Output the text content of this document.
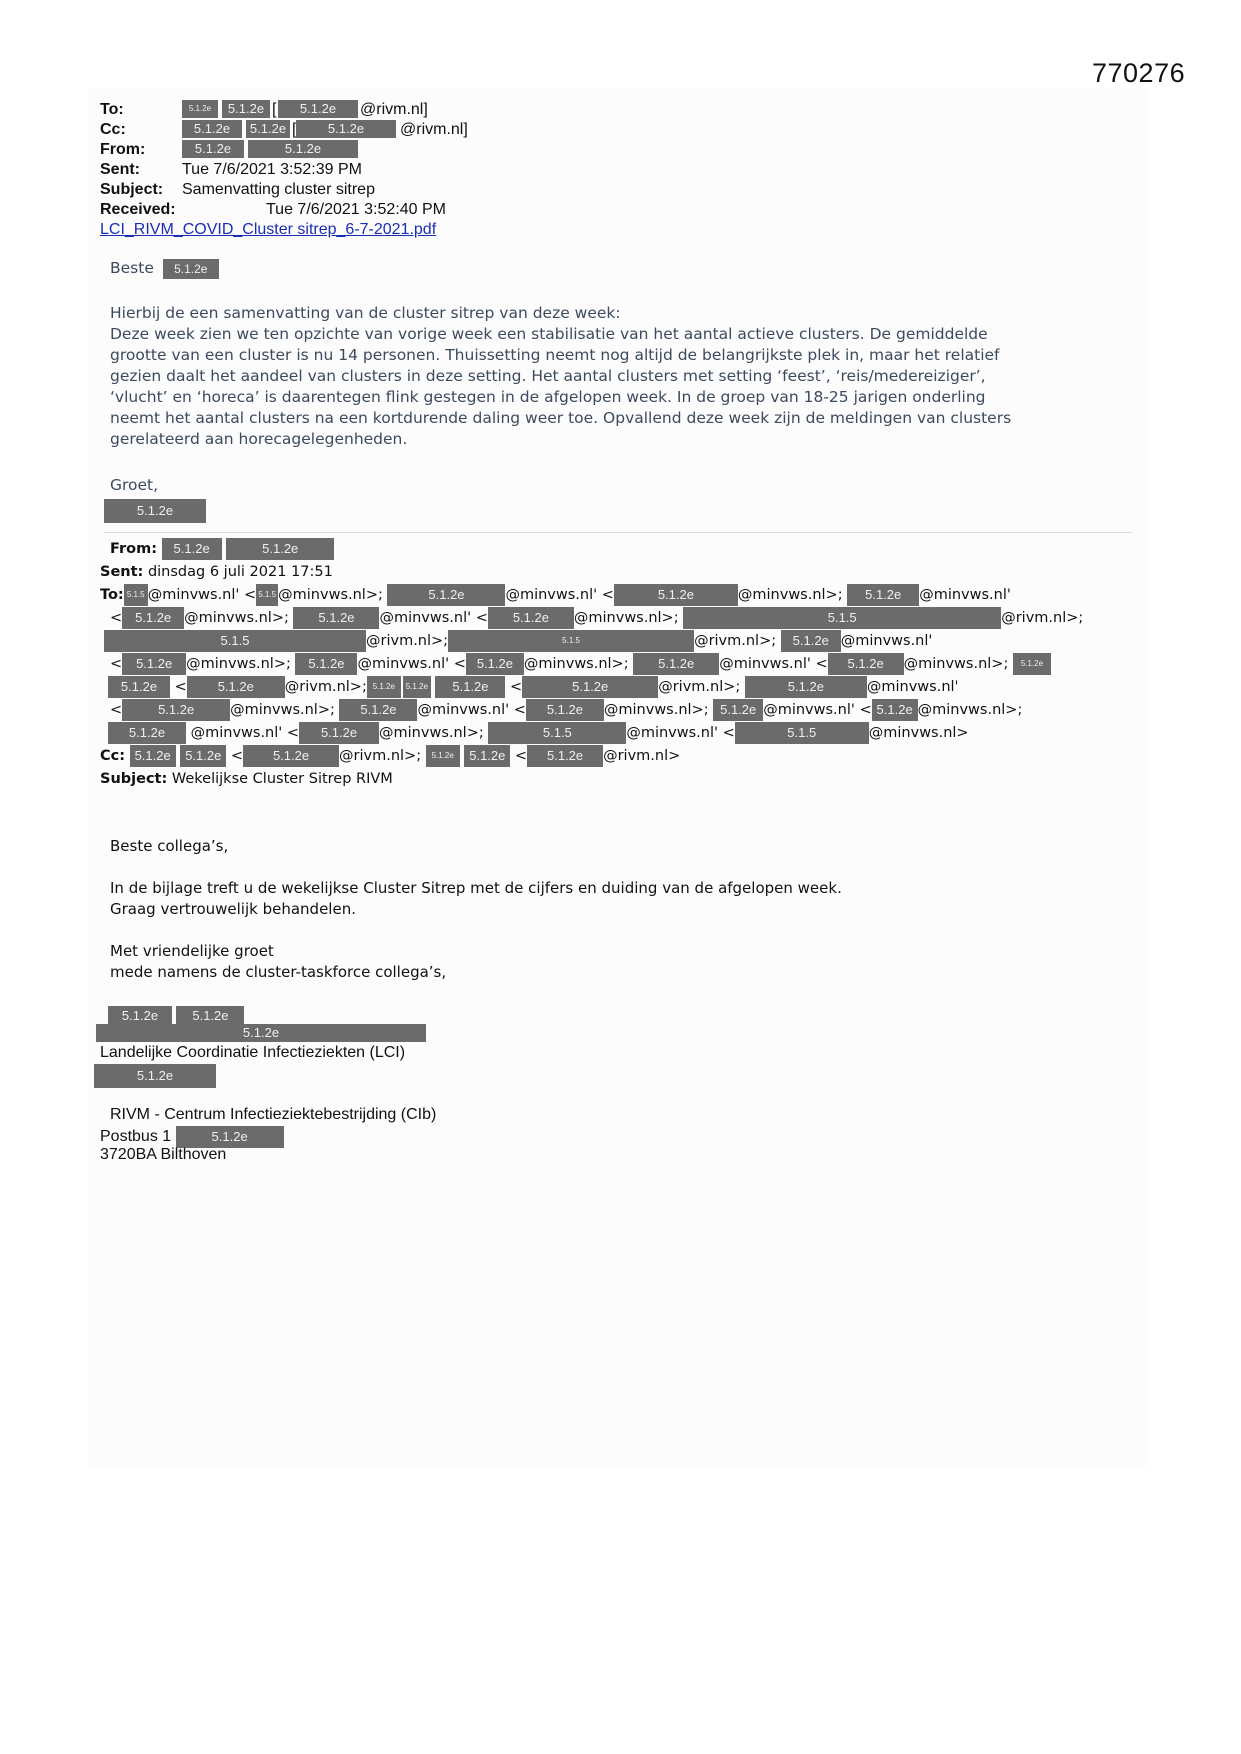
770276
To:	5.1.2e	5.1.2e [	5.1.2e	@rivm.nl]
Cc:	5.1.2e	5.1.2e [	5.1.2e	@rivm.nl]
From:	5.1.2e	5.1.2e
Sent:	Tue 7/6/2021 3:52:39 PM
Subject: Samenvatting cluster sitrep
Received:	Tue 7/6/2021 3:52:40 PM
LCI_RIVM_COVID_Cluster sitrep_6-7-2021.pdf

Beste 5.1.2e

Hierbij de een samenvatting van de cluster sitrep van deze week:

Deze week zien we ten opzichte van vorige week een stabilisatie van het aantal actieve clusters. De gemiddelde

grootte van een cluster is nu 14 personen. Thuissetting neemt nog altijd de belangrijkste plek in, maar het relatief

gezien daalt het aandeel van clusters in deze setting. Het aantal clusters met setting ‘feest’, ‘reis/medereiziger’,

‘vlucht’ en ‘horeca’ is daarentegen flink gestegen in de afgelopen week. In de groep van 18-25 jarigen onderling

neemt het aantal clusters na een kortdurende daling weer toe. Opvallend deze week zijn de meldingen van clusters

gerelateerd aan horecagelegenheden.

Groet,

5.1.2e

From: 5.1.2e	5.1.2e
Sent: dinsdag 6 juli 2021 17:51
To: 5.1.5 @minvws.nl' < 5.1.5 @minvws.nl>;	5.1.2e	@minvws.nl' <	5.1.2e	@minvws.nl>; 5.1.2e @minvws.nl'
< 5.1.2e @minvws.nl>; 5.1.2e @minvws.nl' < 5.1.2e @minvws.nl>;	5.1.5	@rivm.nl>;
5.1.5	@rivm.nl>;	5.1.5	@rivm.nl>; 5.1.2e @minvws.nl'
< 5.1.2e @minvws.nl>; 5.1.2e @minvws.nl' < 5.1.2e @minvws.nl>; 5.1.2e @minvws.nl' < 5.1.2e @minvws.nl>; 5.1.2e
5.1.2e < 5.1.2e @rivm.nl>; 5.1.2e 5.1.2e 5.1.2e <	5.1.2e	@rivm.nl>;	5.1.2e	@minvws.nl'
<	5.1.2e @minvws.nl>; 5.1.2e @minvws.nl' < 5.1.2e @minvws.nl>; 5.1.2e @minvws.nl' < 5.1.2e @minvws.nl>;
5.1.2e @minvws.nl' < 5.1.2e @minvws.nl>;	5.1.5	@minvws.nl' <	5.1.5	@minvws.nl>
Cc: 5.1.2e 5.1.2e < 5.1.2e @rivm.nl>; 5.1.2e 5.1.2e < 5.1.2e @rivm.nl>
Subject: Wekelijkse Cluster Sitrep RIVM

Beste collega’s,

In de bijlage treft u de wekelijkse Cluster Sitrep met de cijfers en duiding van de afgelopen week.

Graag vertrouwelijk behandelen.

Met vriendelijke groet

mede namens de cluster-taskforce collega’s,

5.1.2e	5.1.2e
5.1.2e
Landelijke Coordinatie Infectieziekten (LCI)
5.1.2e
RIVM - Centrum Infectieziektebestrijding (CIb)
Postbus 1	5.1.2e
3720BA Bilthoven
